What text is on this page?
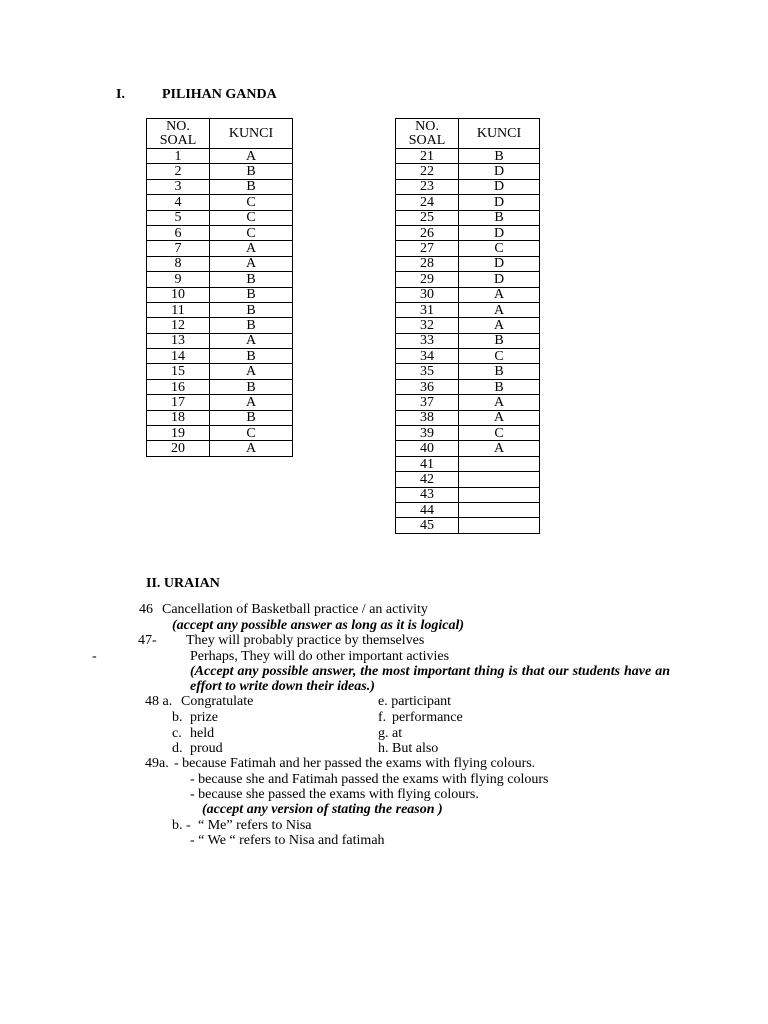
I.	PILIHAN GANDA
NO.
SOAL	KUNCI
1	A
2	B
3	B
4	C
5	C
6	C
7	A
8	A
9	B
10	B
11	B
12	B
13	A
14	B
15	A
16	B
17	A
18	B
19	C
20	A
NO.
SOAL	KUNCI
21	B
22	D
23	D
24	D
25	B
26	D
27	C
28	D
29	D
30	A
31	A
32	A
33	B
34	C
35	B
36	B
37	A
38	A
39	C
40	A
41	
42	
43	
44	
45	
II. URAIAN
46 Cancellation of Basketball practice / an activity
(accept any possible answer as long as it is logical)
47- They will probably practice by themselves
-	Perhaps, They will do other important activies
(Accept any possible answer, the most important thing is that our students have an effort to write down their ideas.)
48 a. Congratulate
b. prize
c. held
d. proud
e. participant
f. performance
g. at
h. But also
49a. - because Fatimah and her passed the exams with flying colours.
- because she and Fatimah passed the exams with flying colours
- because she passed the exams with flying colours.
(accept any version of stating the reason )
b. - “ Me” refers to Nisa
- “ We “ refers to Nisa and fatimah
